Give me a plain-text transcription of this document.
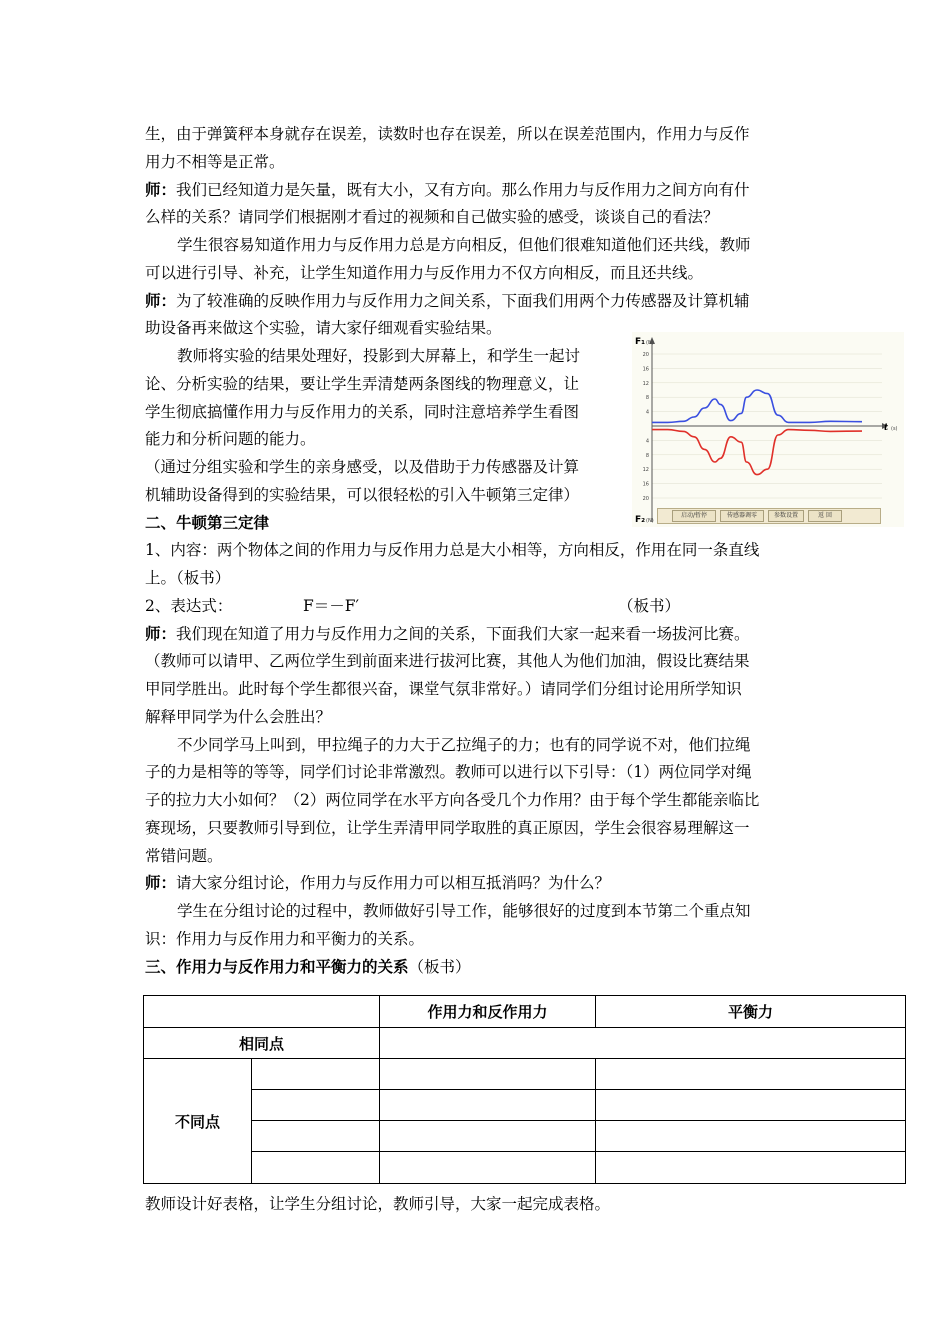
生，由于弹簧秤本身就存在误差，读数时也存在误差，所以在误差范围内，作用力与反作
用力不相等是正常。
师：我们已经知道力是矢量，既有大小，又有方向。那么作用力与反作用力之间方向有什
么样的关系？请同学们根据刚才看过的视频和自己做实验的感受，谈谈自己的看法？
学生很容易知道作用力与反作用力总是方向相反，但他们很难知道他们还共线，教师
可以进行引导、补充，让学生知道作用力与反作用力不仅方向相反，而且还共线。
师：为了较准确的反映作用力与反作用力之间关系，下面我们用两个力传感器及计算机辅
助设备再来做这个实验，请大家仔细观看实验结果。
教师将实验的结果处理好，投影到大屏幕上，和学生一起讨
论、分析实验的结果，要让学生弄清楚两条图线的物理意义，让
学生彻底搞懂作用力与反作用力的关系，同时注意培养学生看图
能力和分析问题的能力。
（通过分组实验和学生的亲身感受，以及借助于力传感器及计算
机辅助设备得到的实验结果，可以很轻松的引入牛顿第三定律）
F₁ (N)
F₂ (N)
t (s)
20
16
12
8
4
4
8
12
16
20
启动/暂停	传感器调零	参数设置	返 回
二、牛顿第三定律
1、内容：两个物体之间的作用力与反作用力总是大小相等，方向相反，作用在同一条直线
上。（板书）
2、表达式：	F＝－F′	（板书）
师：我们现在知道了用力与反作用力之间的关系，下面我们大家一起来看一场拔河比赛。
（教师可以请甲、乙两位学生到前面来进行拔河比赛，其他人为他们加油，假设比赛结果
甲同学胜出。此时每个学生都很兴奋，课堂气氛非常好。）请同学们分组讨论用所学知识
解释甲同学为什么会胜出？
不少同学马上叫到，甲拉绳子的力大于乙拉绳子的力；也有的同学说不对，他们拉绳
子的力是相等的等等，同学们讨论非常激烈。教师可以进行以下引导：（1）两位同学对绳
子的拉力大小如何？（2）两位同学在水平方向各受几个力作用？由于每个学生都能亲临比
赛现场，只要教师引导到位，让学生弄清甲同学取胜的真正原因，学生会很容易理解这一
常错问题。
师：请大家分组讨论，作用力与反作用力可以相互抵消吗？为什么？
学生在分组讨论的过程中，教师做好引导工作，能够很好的过度到本节第二个重点知
识：作用力与反作用力和平衡力的关系。
三、作用力与反作用力和平衡力的关系（板书）
		作用力和反作用力	平衡力
相同点			
不同点			

教师设计好表格，让学生分组讨论，教师引导，大家一起完成表格。
